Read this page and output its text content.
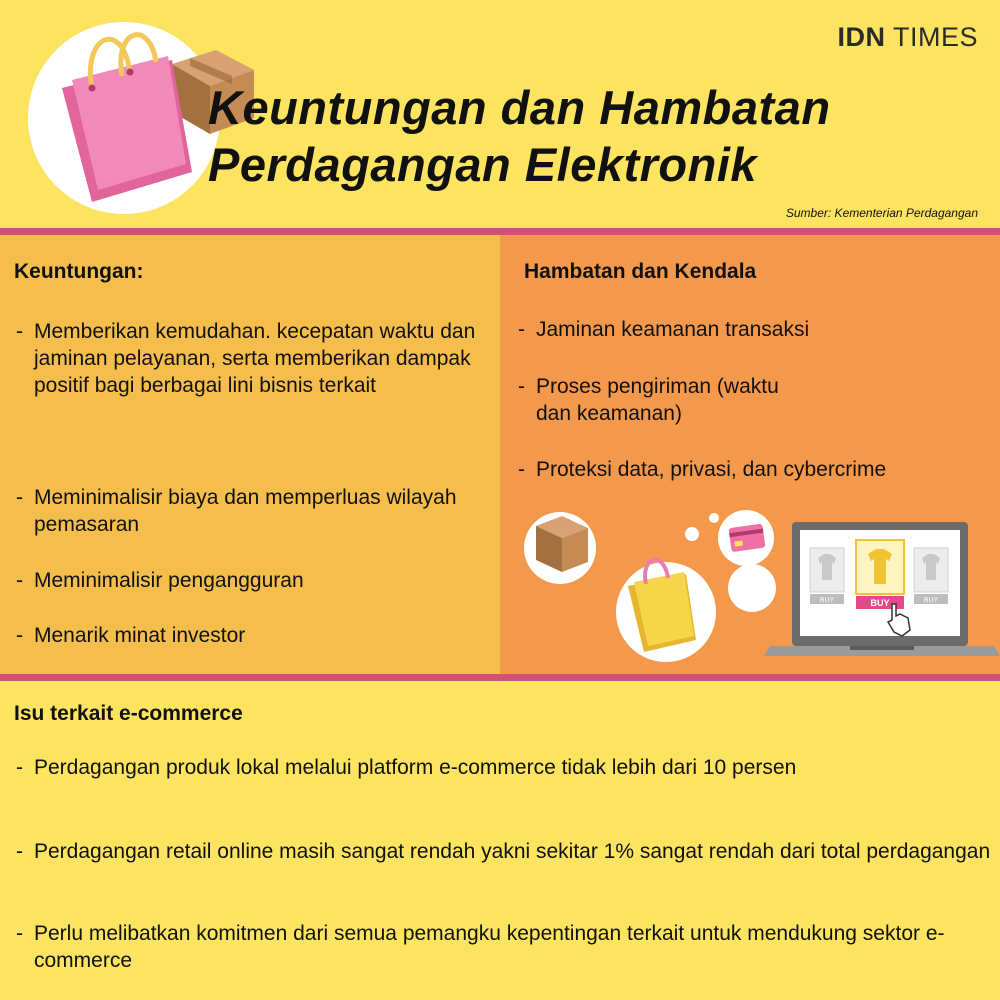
IDN TIMES
Keuntungan dan Hambatan
Perdagangan Elektronik
Sumber: Kementerian Perdagangan
Keuntungan:
- Memberikan kemudahan. kecepatan waktu dan jaminan pelayanan, serta memberikan dampak positif bagi berbagai lini bisnis terkait
- Meminimalisir biaya dan memperluas wilayah pemasaran
- Meminimalisir pengangguran
- Menarik minat investor
Hambatan dan Kendala
- Jaminan keamanan transaksi
- Proses pengiriman (waktu dan keamanan)
- Proteksi data, privasi, dan cybercrime
BUY	BUY	BUY
Isu terkait e-commerce
- Perdagangan produk lokal melalui platform e-commerce tidak lebih dari 10 persen
- Perdagangan retail online masih sangat rendah yakni sekitar 1% sangat rendah dari total perdagangan
- Perlu melibatkan komitmen dari semua pemangku kepentingan terkait untuk mendukung sektor e-commerce
